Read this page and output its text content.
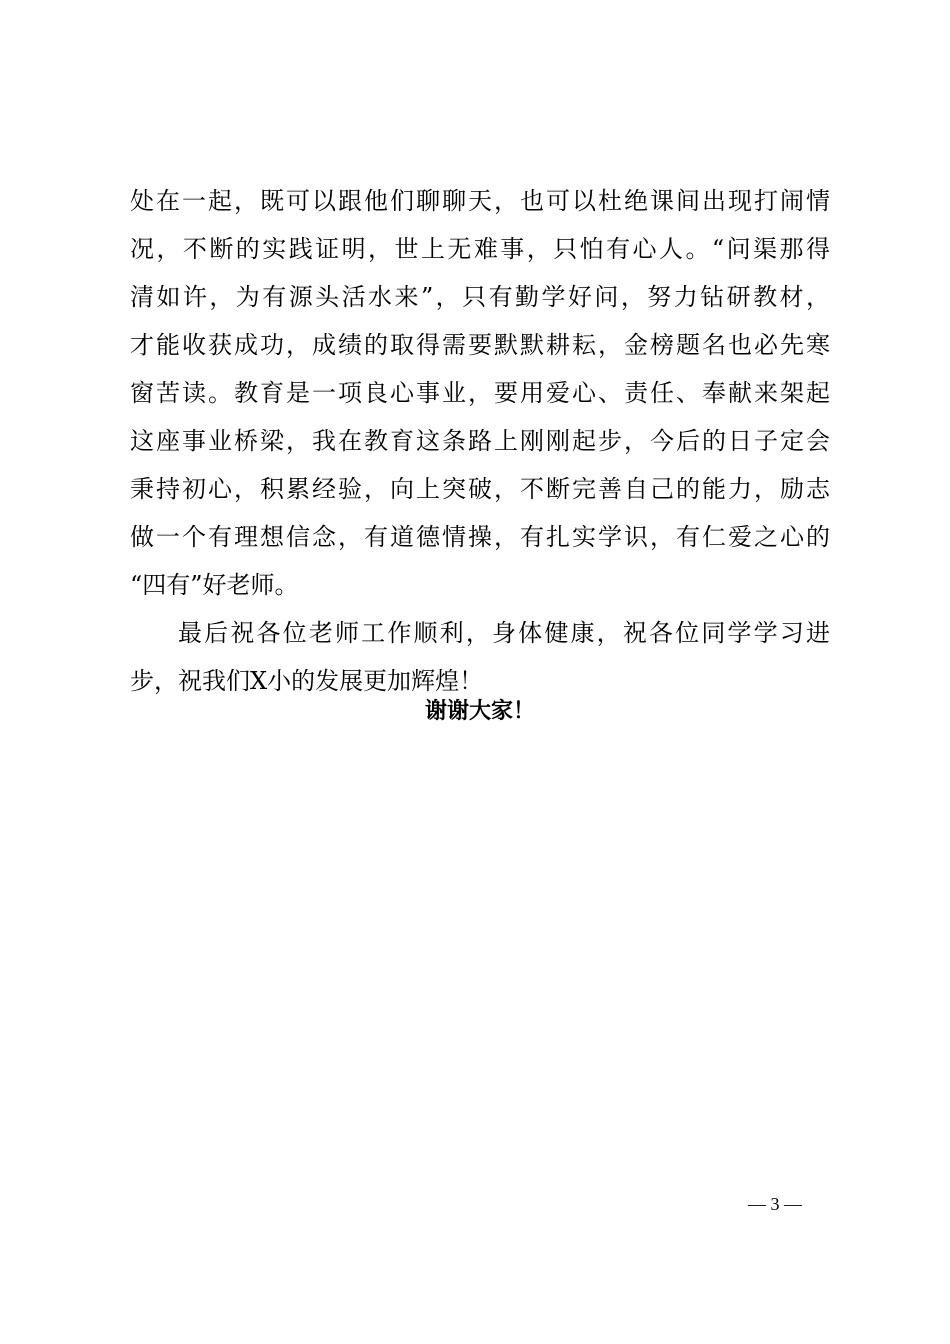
处在一起，既可以跟他们聊聊天，也可以杜绝课间出现打闹情
况，不断的实践证明，世上无难事，只怕有心人。“问渠那得
清如许，为有源头活水来”，只有勤学好问，努力钻研教材，
才能收获成功，成绩的取得需要默默耕耘，金榜题名也必先寒
窗苦读。教育是一项良心事业，要用爱心、责任、奉献来架起
这座事业桥梁，我在教育这条路上刚刚起步，今后的日子定会
秉持初心，积累经验，向上突破，不断完善自己的能力，励志
做一个有理想信念，有道德情操，有扎实学识，有仁爱之心的
“四有”好老师。
最后祝各位老师工作顺利，身体健康，祝各位同学学习进
步，祝我们X小的发展更加辉煌！
谢谢大家！
— 3 —
